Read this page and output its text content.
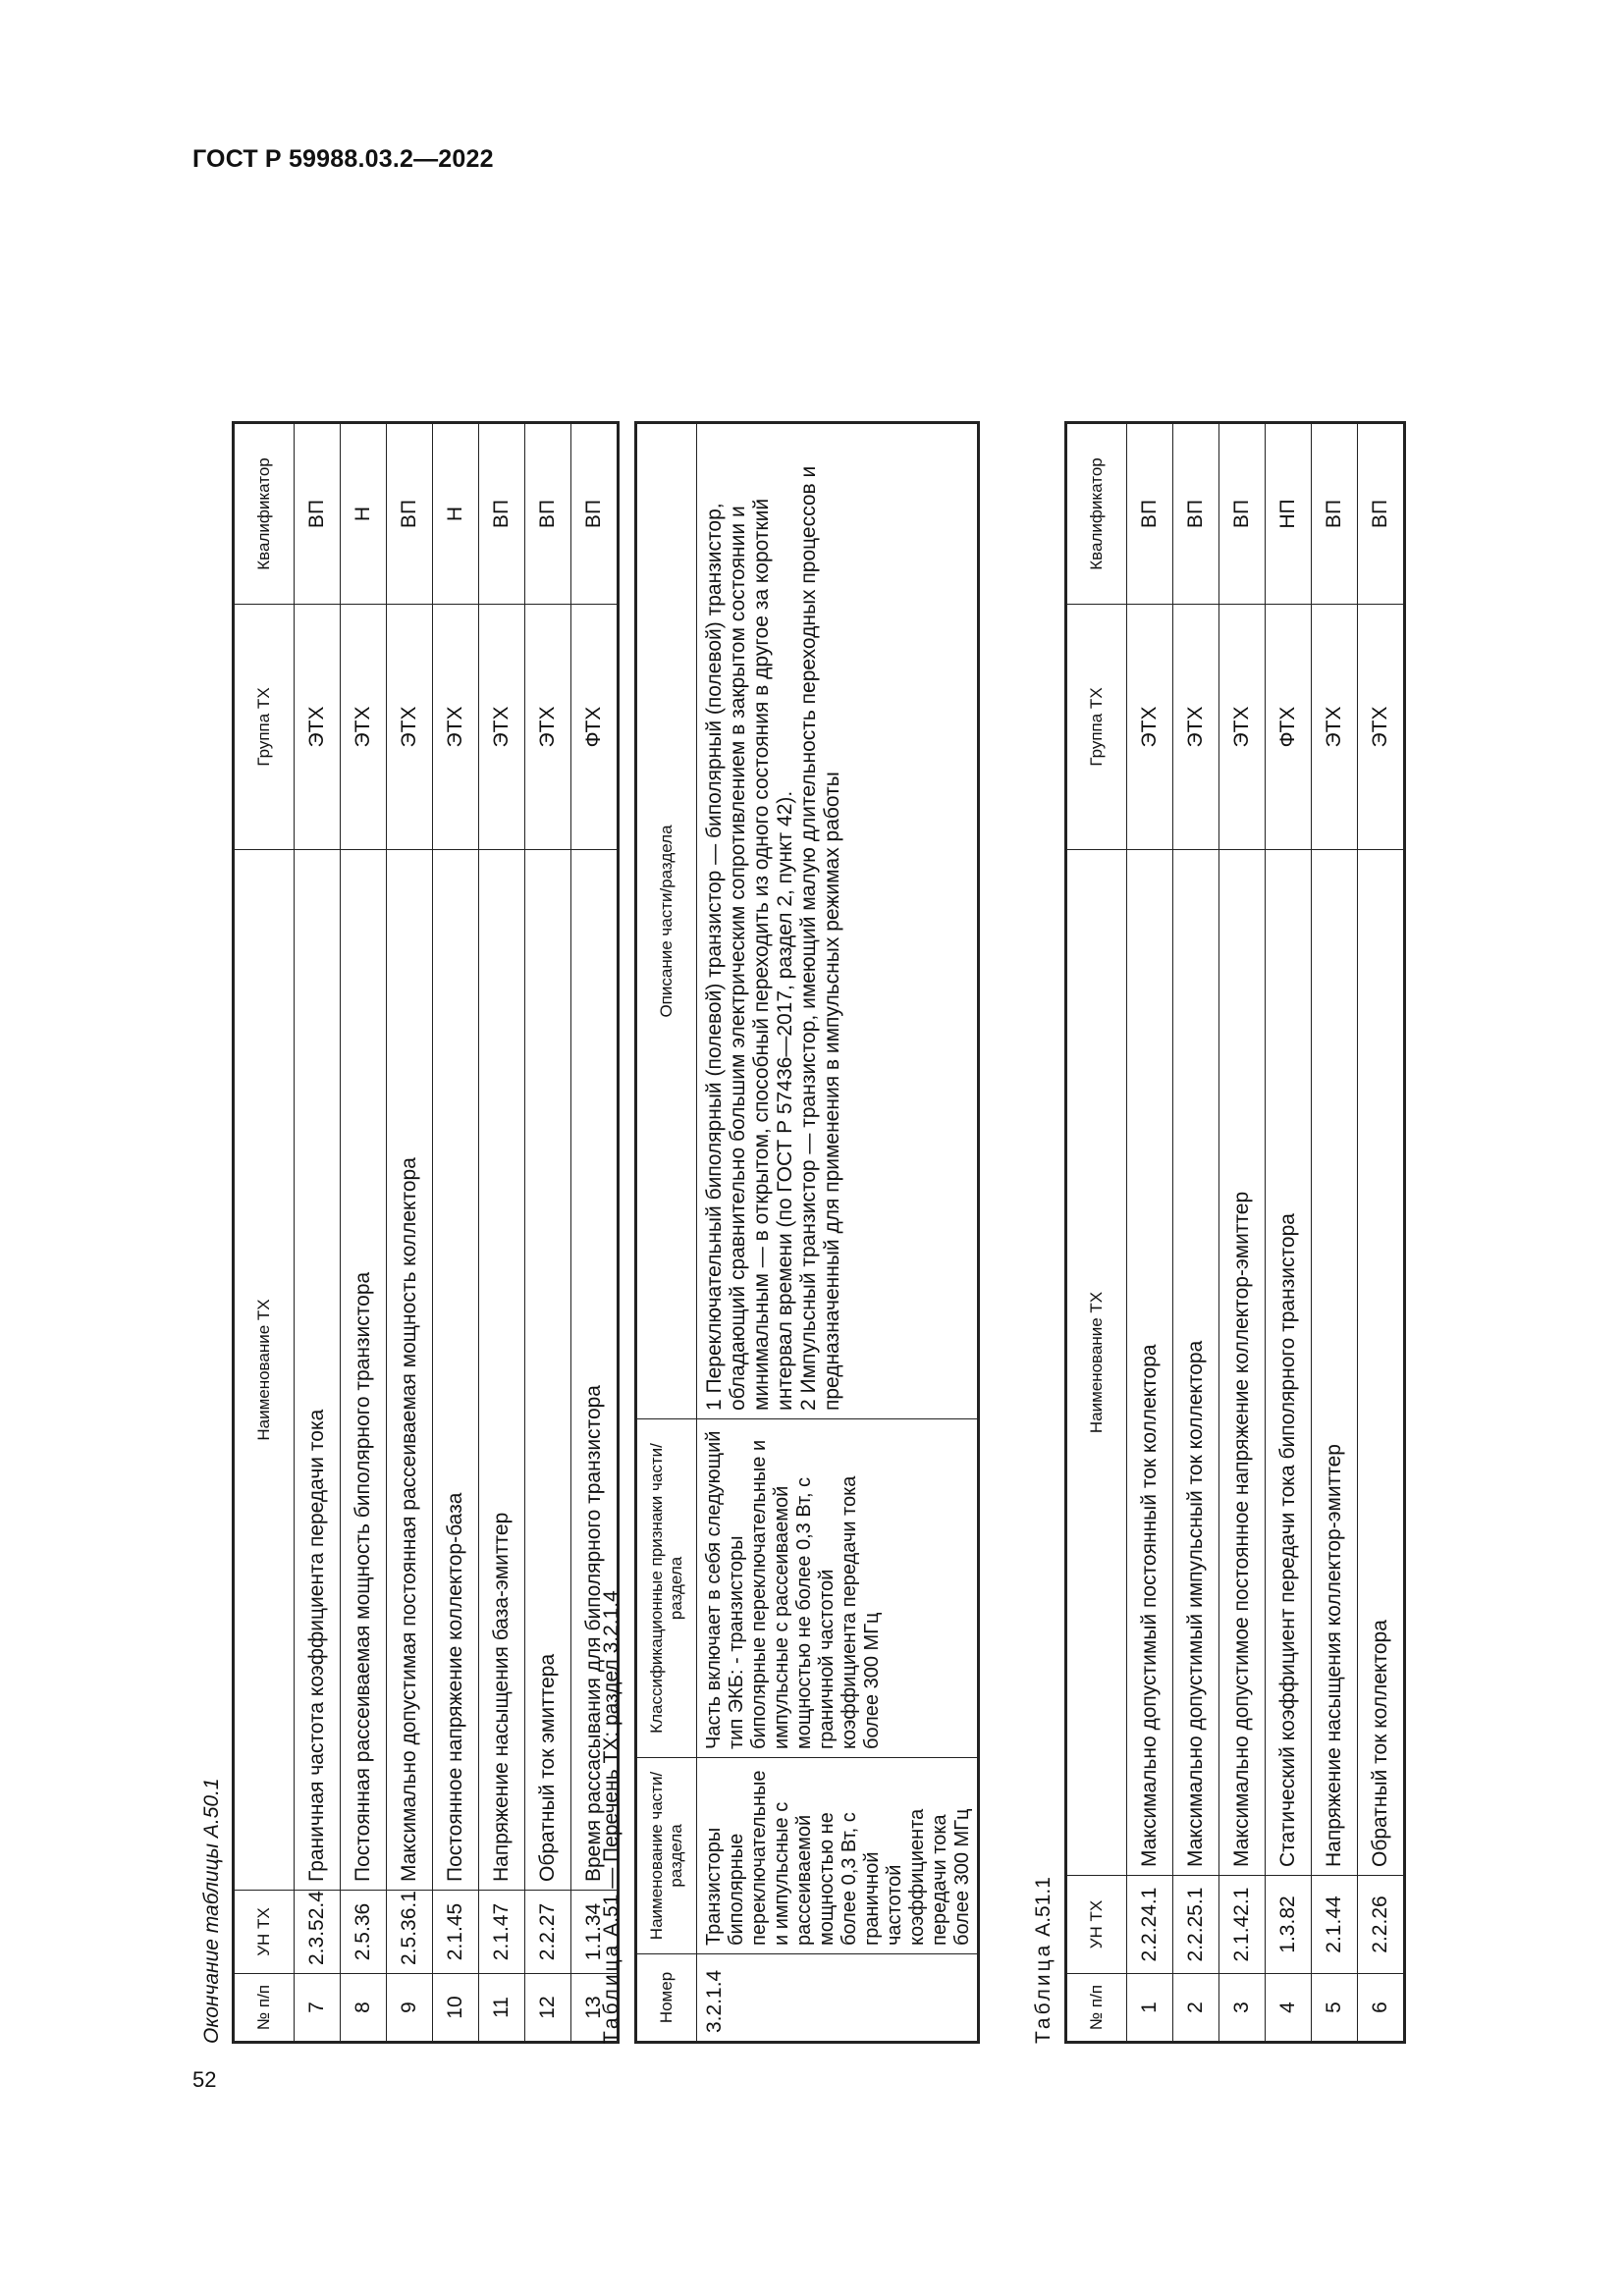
ГОСТ Р 59988.03.2—2022
52
Окончание таблицы А.50.1 № п/п	УН ТХ	Наименование ТХ	Группа ТХ	Квалификатор
7	2.3.52.4	Граничная частота коэффициента передачи тока	ЭТХ	ВП
8	2.5.36	Постоянная рассеиваемая мощность биполярного транзистора	ЭТХ	Н
9	2.5.36.1	Максимально допустимая постоянная рассеиваемая мощность коллектора	ЭТХ	ВП
10	2.1.45	Постоянное напряжение коллектор-база	ЭТХ	Н
11	2.1.47	Напряжение насыщения база-эмиттер	ЭТХ	ВП
12	2.2.27	Обратный ток эмиттера	ЭТХ	ВП
13	1.1.34	Время рассасывания для биполярного транзистора	ФТХ	ВП
Таблица А.51 — Перечень ТХ: раздел 3.2.1.4
Номер	Наименование части/ раздела	Классификационные признаки части/ раздела	Описание части/раздела
3.2.1.4	Транзисторы биполярные переключательные и импульсные с рассеиваемой мощностью не более 0,3 Вт, с граничной частотой коэффициента передачи тока более 300 МГц	Часть включает в себя следующий тип ЭКБ: - транзисторы биполярные переключательные и импульсные с рассеиваемой мощностью не более 0,3 Вт, с граничной частотой коэффициента передачи тока более 300 МГц	1 Переключательный биполярный (полевой) транзистор — биполярный (полевой) транзистор, обладающий сравнительно большим электрическим сопротивлением в закрытом состоянии и минимальным — в открытом, способный переходить из одного состояния в другое за короткий интервал времени (по ГОСТ Р 57436—2017, раздел 2, пункт 42). 2 Импульсный транзистор — транзистор, имеющий малую длительность переходных процессов и предназначенный для применения в импульсных режимах работы
Таблица А.51.1
№ п/п	УН ТХ	Наименование ТХ	Группа ТХ	Квалификатор
1	2.2.24.1	Максимально допустимый постоянный ток коллектора	ЭТХ	ВП
2	2.2.25.1	Максимально допустимый импульсный ток коллектора	ЭТХ	ВП
3	2.1.42.1	Максимально допустимое постоянное напряжение коллектор-эмиттер	ЭТХ	ВП
4	1.3.82	Статический коэффициент передачи тока биполярного транзистора	ФТХ	НП
5	2.1.44	Напряжение насыщения коллектор-эмиттер	ЭТХ	ВП
6	2.2.26	Обратный ток коллектора	ЭТХ	ВП
